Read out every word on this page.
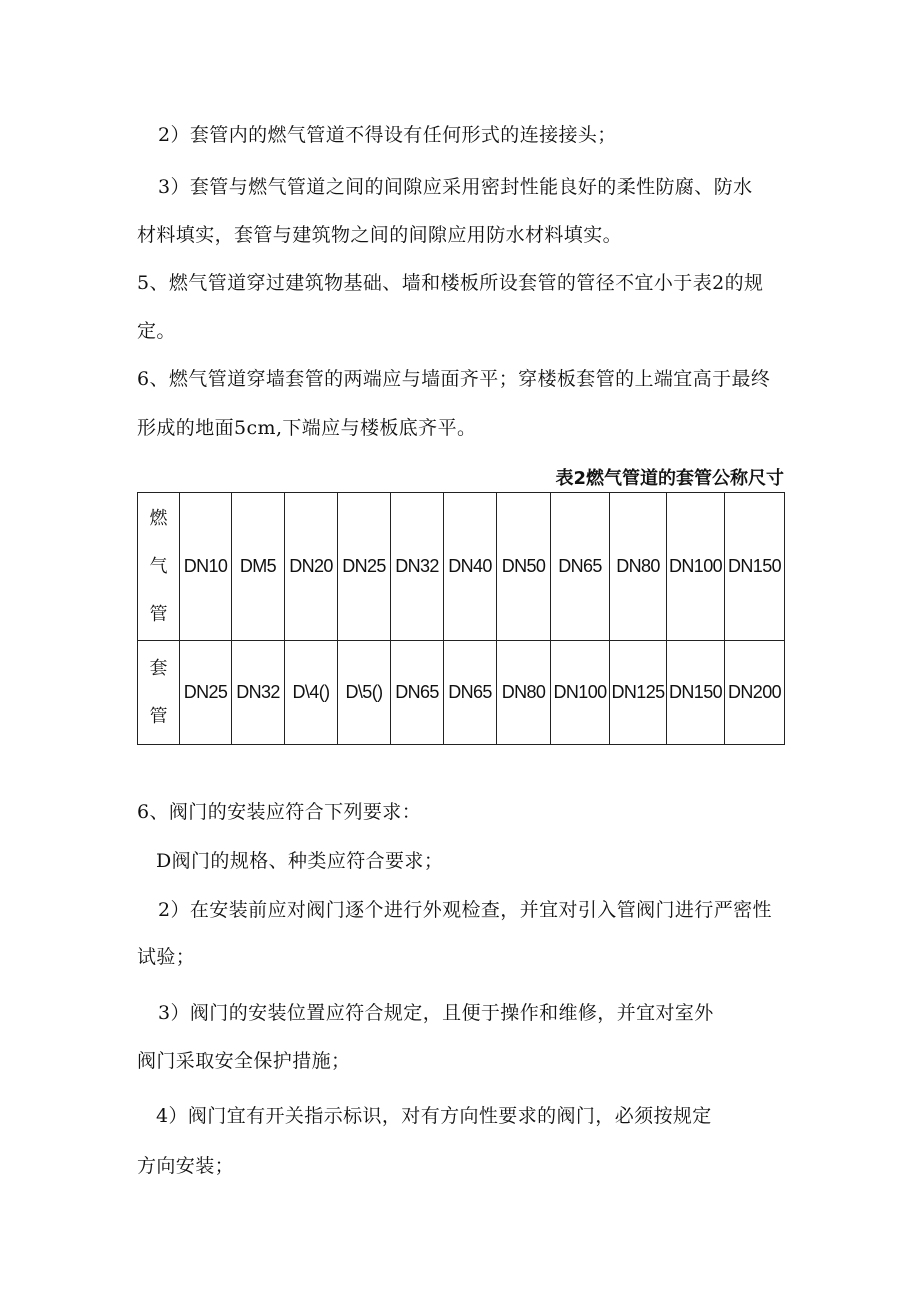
2）套管内的燃气管道不得设有任何形式的连接接头；
3）套管与燃气管道之间的间隙应采用密封性能良好的柔性防腐、防水
材料填实，套管与建筑物之间的间隙应用防水材料填实。
5、燃气管道穿过建筑物基础、墙和楼板所设套管的管径不宜小于表2的规
定。
6、燃气管道穿墙套管的两端应与墙面齐平；穿楼板套管的上端宜高于最终
形成的地面5cm,下端应与楼板底齐平。
表2燃气管道的套管公称尺寸
燃
气
管	DN10	DM5	DN20	DN25	DN32	DN40	DN50	DN65	DN80	DN100	DN150

套
管	DN25	DN32	D\4()	D\5()	DN65	DN65	DN80	DN100	DN125	DN150	DN200
6、阀门的安装应符合下列要求：
D阀门的规格、种类应符合要求；
2）在安装前应对阀门逐个进行外观检查，并宜对引入管阀门进行严密性
试验；
3）阀门的安装位置应符合规定，且便于操作和维修，并宜对室外
阀门采取安全保护措施；
4）阀门宜有开关指示标识，对有方向性要求的阀门，必须按规定
方向安装；
